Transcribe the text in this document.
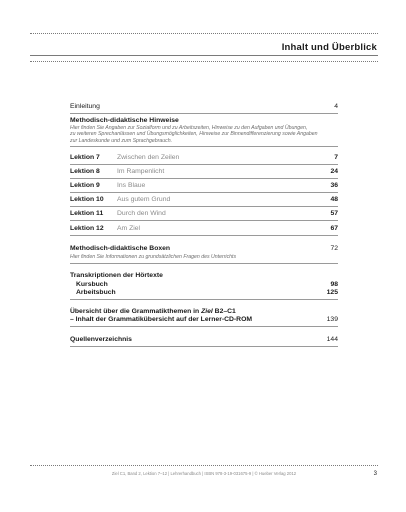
Inhalt und Überblick
Einleitung	4
Methodisch-didaktische Hinweise
Hier finden Sie Angaben zur Sozialform und zu Arbeitszeiten, Hinweise zu den Aufgaben und Übungen,
zu weiteren Sprechanlässen und Übungsmöglichkeiten, Hinweise zur Binnendifferenzierung sowie Angaben
zur Landeskunde und zum Sprachgebrauch.
Lektion 7	Zwischen den Zeilen	7
Lektion 8	Im Rampenlicht	24
Lektion 9	Ins Blaue	36
Lektion 10 Aus gutem Grund	48
Lektion 11 Durch den Wind	57
Lektion 12 Am Ziel	67
Methodisch-didaktische Boxen	72
Hier finden Sie Informationen zu grundsätzlichen Fragen des Unterrichts
Transkriptionen der Hörtexte
Kursbuch	98
Arbeitsbuch	125
Übersicht über die Grammatikthemen in Ziel B2–C1
– Inhalt der Grammatikübersicht auf der Lerner-CD-ROM	139
Quellenverzeichnis	144
Ziel C1, Band 2, Lektion 7–12 | Lehrerhandbuch | ISBN 978-3-19-031675-9 | © Hueber Verlag 2012	3
